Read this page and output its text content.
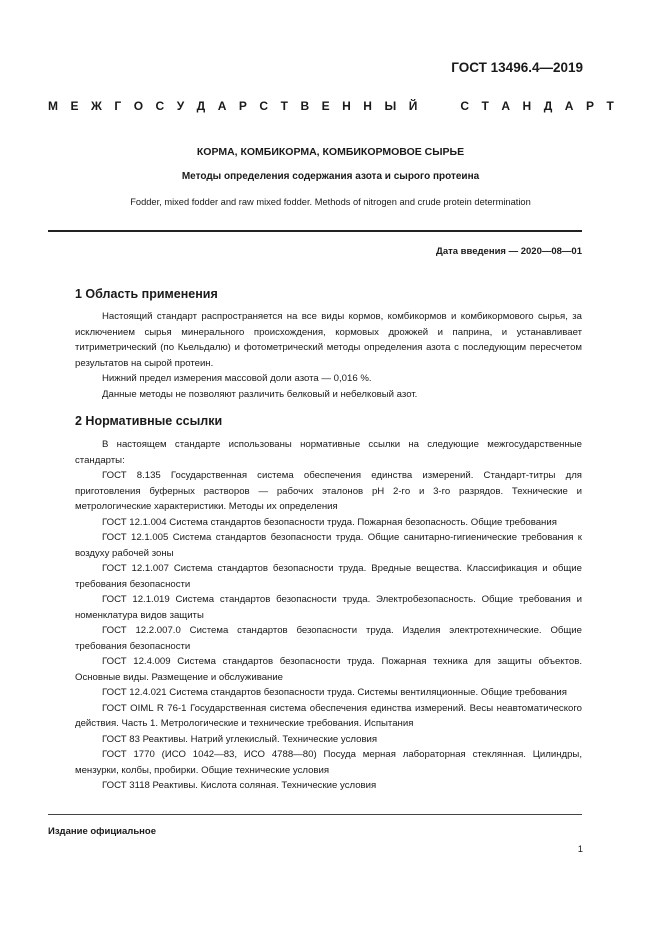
ГОСТ 13496.4—2019
М Е Ж Г О С У Д А Р С Т В Е Н Н Ы Й
	С Т А Н Д А Р Т
КОРМА, КОМБИКОРМА, КОМБИКОРМОВОЕ СЫРЬЕ
Методы определения содержания азота и сырого протеина
Fodder, mixed fodder and raw mixed fodder. Methods of nitrogen and crude protein determination
Дата введения — 2020—08—01
1 Область применения

Настоящий стандарт распространяется на все виды кормов, комбикормов и комбикормового сырья, за исключением сырья минерального происхождения, кормовых дрожжей и паприна, и устанавливает титриметрический (по Кьельдалю) и фотометрический методы определения азота с последующим пересчетом результатов на сырой протеин.

Нижний предел измерения массовой доли азота — 0,016 %.

Данные методы не позволяют различить белковый и небелковый азот.

2 Нормативные ссылки

В настоящем стандарте использованы нормативные ссылки на следующие межгосударственные стандарты:

ГОСТ 8.135 Государственная система обеспечения единства измерений. Стандарт-титры для приготовления буферных растворов — рабочих эталонов pH 2-го и 3-го разрядов. Технические и метрологические характеристики. Методы их определения

ГОСТ 12.1.004 Система стандартов безопасности труда. Пожарная безопасность. Общие требования

ГОСТ 12.1.005 Система стандартов безопасности труда. Общие санитарно-гигиенические требования к воздуху рабочей зоны

ГОСТ 12.1.007 Система стандартов безопасности труда. Вредные вещества. Классификация и общие требования безопасности

ГОСТ 12.1.019 Система стандартов безопасности труда. Электробезопасность. Общие требования и номенклатура видов защиты

ГОСТ 12.2.007.0 Система стандартов безопасности труда. Изделия электротехнические. Общие требования безопасности

ГОСТ 12.4.009 Система стандартов безопасности труда. Пожарная техника для защиты объектов. Основные виды. Размещение и обслуживание

ГОСТ 12.4.021 Система стандартов безопасности труда. Системы вентиляционные. Общие требования

ГОСТ OIML R 76-1 Государственная система обеспечения единства измерений. Весы неавтоматического действия. Часть 1. Метрологические и технические требования. Испытания

ГОСТ 83 Реактивы. Натрий углекислый. Технические условия

ГОСТ 1770 (ИСО 1042—83, ИСО 4788—80) Посуда мерная лабораторная стеклянная. Цилиндры, мензурки, колбы, пробирки. Общие технические условия

ГОСТ 3118 Реактивы. Кислота соляная. Технические условия

Издание официальное
1
